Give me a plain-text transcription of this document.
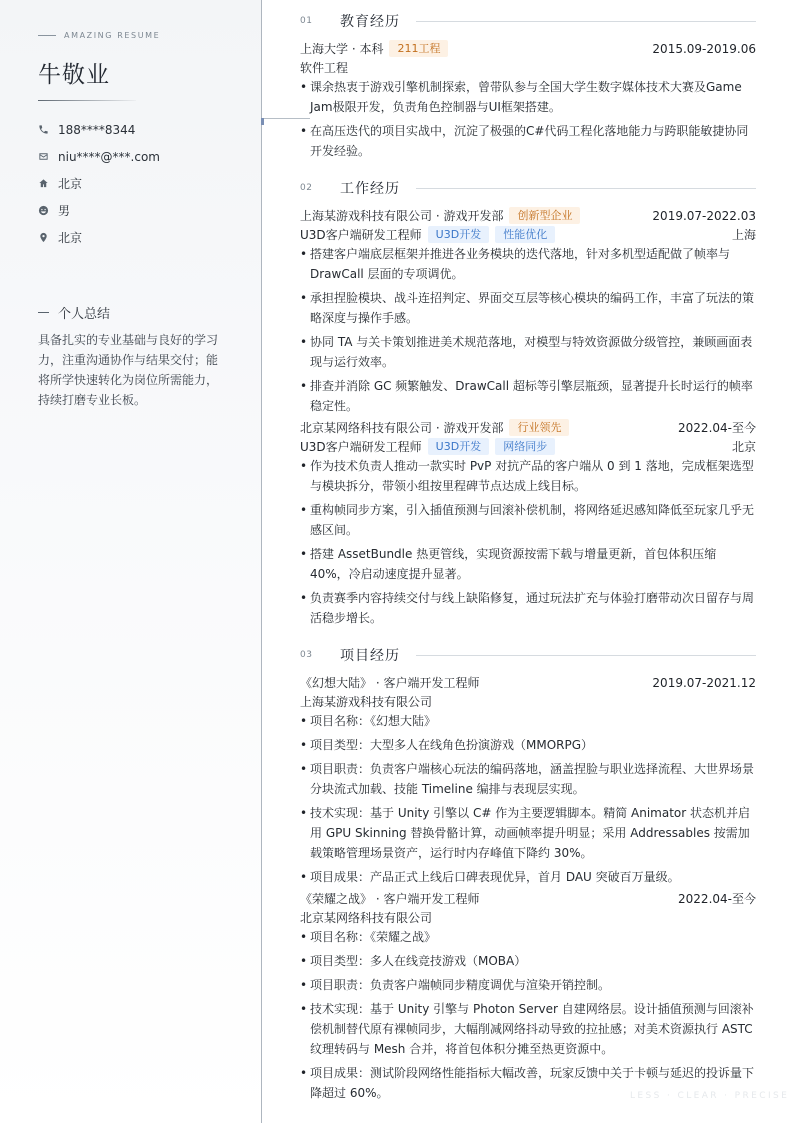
AMAZING RESUME
牛敬业
188****8344
niu****@***.com
北京
男
北京
个人总结
具备扎实的专业基础与良好的学习力，注重沟通协作与结果交付；能将所学快速转化为岗位所需能力，持续打磨专业长板。
01	教育经历
上海大学 · 本科	211工程	2015.09-2019.06
软件工程
• 课余热衷于游戏引擎机制探索，曾带队参与全国大学生数字媒体技术大赛及Game Jam极限开发，负责角色控制器与UI框架搭建。
• 在高压迭代的项目实战中，沉淀了极强的C#代码工程化落地能力与跨职能敏捷协同开发经验。
02	工作经历
上海某游戏科技有限公司 · 游戏开发部	创新型企业	2019.07-2022.03
U3D客户端研发工程师	U3D开发	性能优化	上海
• 搭建客户端底层框架并推进各业务模块的迭代落地，针对多机型适配做了帧率与 DrawCall 层面的专项调优。
• 承担捏脸模块、战斗连招判定、界面交互层等核心模块的编码工作，丰富了玩法的策略深度与操作手感。
• 协同 TA 与关卡策划推进美术规范落地，对模型与特效资源做分级管控，兼顾画面表现与运行效率。
• 排查并消除 GC 频繁触发、DrawCall 超标等引擎层瓶颈，显著提升长时运行的帧率稳定性。
北京某网络科技有限公司 · 游戏开发部	行业领先	2022.04-至今
U3D客户端研发工程师	U3D开发	网络同步	北京
• 作为技术负责人推动一款实时 PvP 对抗产品的客户端从 0 到 1 落地，完成框架选型与模块拆分，带领小组按里程碑节点达成上线目标。
• 重构帧同步方案，引入插值预测与回滚补偿机制，将网络延迟感知降低至玩家几乎无感区间。
• 搭建 AssetBundle 热更管线，实现资源按需下载与增量更新，首包体积压缩 40%，冷启动速度提升显著。
• 负责赛季内容持续交付与线上缺陷修复，通过玩法扩充与体验打磨带动次日留存与周活稳步增长。
03	项目经历
《幻想大陆》 · 客户端开发工程师	2019.07-2021.12
上海某游戏科技有限公司
• 项目名称：《幻想大陆》
• 项目类型：大型多人在线角色扮演游戏（MMORPG）
• 项目职责：负责客户端核心玩法的编码落地，涵盖捏脸与职业选择流程、大世界场景分块流式加载、技能 Timeline 编排与表现层实现。
• 技术实现：基于 Unity 引擎以 C# 作为主要逻辑脚本。精简 Animator 状态机并启用 GPU Skinning 替换骨骼计算，动画帧率提升明显；采用 Addressables 按需加载策略管理场景资产，运行时内存峰值下降约 30%。
• 项目成果：产品正式上线后口碑表现优异，首月 DAU 突破百万量级。
《荣耀之战》 · 客户端开发工程师	2022.04-至今
北京某网络科技有限公司
• 项目名称：《荣耀之战》
• 项目类型：多人在线竞技游戏（MOBA）
• 项目职责：负责客户端帧同步精度调优与渲染开销控制。
• 技术实现：基于 Unity 引擎与 Photon Server 自建网络层。设计插值预测与回滚补偿机制替代原有裸帧同步，大幅削减网络抖动导致的拉扯感；对美术资源执行 ASTC 纹理转码与 Mesh 合并，将首包体积分摊至热更资源中。
• 项目成果：测试阶段网络性能指标大幅改善，玩家反馈中关于卡顿与延迟的投诉量下降超过 60%。	LESS · CLEAR · PRECISE
